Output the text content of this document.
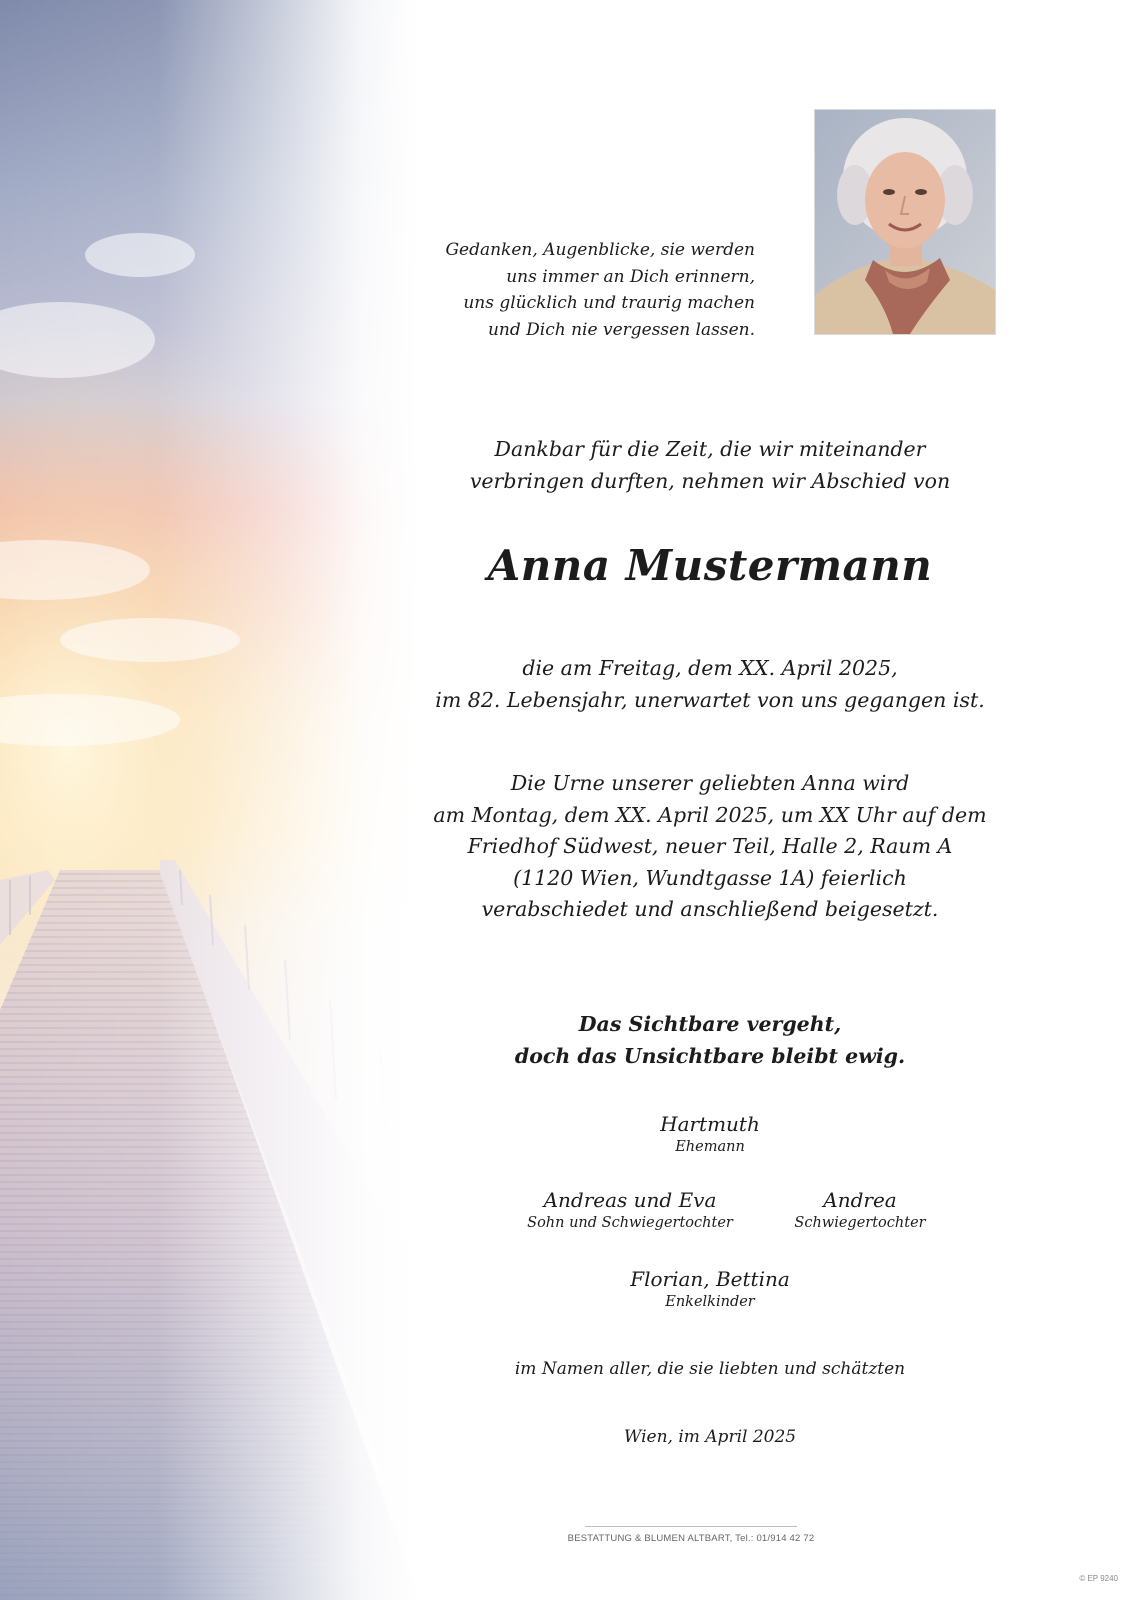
Gedanken, Augenblicke, sie werden
uns immer an Dich erinnern,
uns glücklich und traurig machen
und Dich nie vergessen lassen.
Dankbar für die Zeit, die wir miteinander
verbringen durften, nehmen wir Abschied von
Anna Mustermann
die am Freitag, dem XX. April 2025,
im 82. Lebensjahr, unerwartet von uns gegangen ist.
Die Urne unserer geliebten Anna wird
am Montag, dem XX. April 2025, um XX Uhr auf dem
Friedhof Südwest, neuer Teil, Halle 2, Raum A
(1120 Wien, Wundtgasse 1A) feierlich
verabschiedet und anschließend beigesetzt.
Das Sichtbare vergeht,
doch das Unsichtbare bleibt ewig.
Hartmuth
Ehemann
Andreas und Eva
Sohn und Schwiegertochter
Andrea
Schwiegertochter
Florian, Bettina
Enkelkinder
im Namen aller, die sie liebten und schätzten
Wien, im April 2025
BESTATTUNG & BLUMEN ALTBART, Tel.: 01/914 42 72
© EP 9240
